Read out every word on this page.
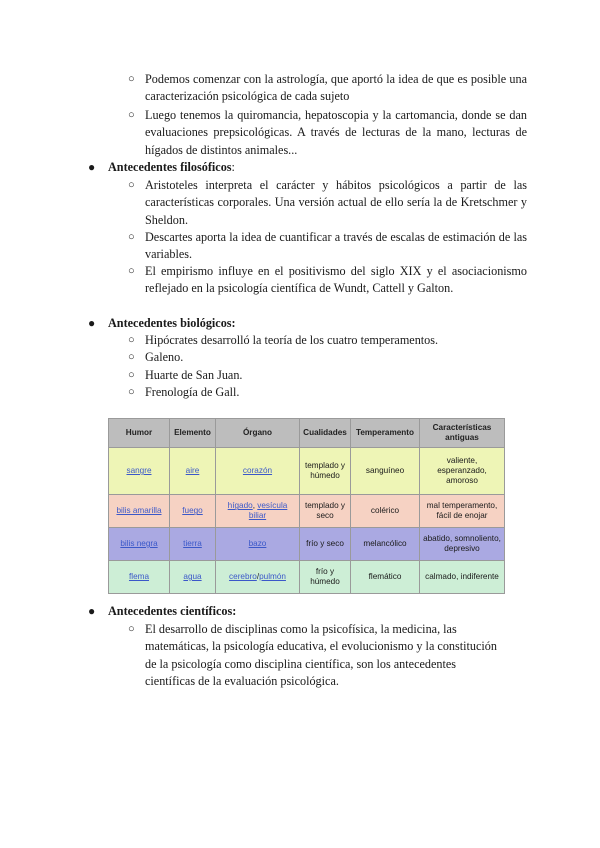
○ Podemos comenzar con la astrología, que aportó la idea de que es posible una caracterización psicológica de cada sujeto
○ Luego tenemos la quiromancia, hepatoscopia y la cartomancia, donde se dan evaluaciones prepsicológicas. A través de lecturas de la mano, lecturas de hígados de distintos animales...
● Antecedentes filosóficos:
○ Aristoteles interpreta el carácter y hábitos psicológicos a partir de las características corporales. Una versión actual de ello sería la de Kretschmer y Sheldon.
○ Descartes aporta la idea de cuantificar a través de escalas de estimación de las variables.
○ El empirismo influye en el positivismo del siglo XIX y el asociacionismo reflejado en la psicología científica de Wundt, Cattell y Galton.
● Antecedentes biológicos:
○ Hipócrates desarrolló la teoría de los cuatro temperamentos.
○ Galeno.
○ Huarte de San Juan.
○ Frenología de Gall.
Humor	Elemento	Órgano	Cualidades	Temperamento	Características antiguas
sangre	aire	corazón	templado y húmedo	sanguíneo	valiente, esperanzado, amoroso
bilis amarilla	fuego	hígado, vesícula biliar	templado y seco	colérico	mal temperamento, fácil de enojar
bilis negra	tierra	bazo	frío y seco	melancólico	abatido, somnoliento, depresivo
flema	agua	cerebro/pulmón	frío y húmedo	flemático	calmado, indiferente
● Antecedentes científicos:
○ El desarrollo de disciplinas como la psicofísica, la medicina, las matemáticas, la psicología educativa, el evolucionismo y la constitución de la psicología como disciplina científica, son los antecedentes científicas de la evaluación psicológica.
